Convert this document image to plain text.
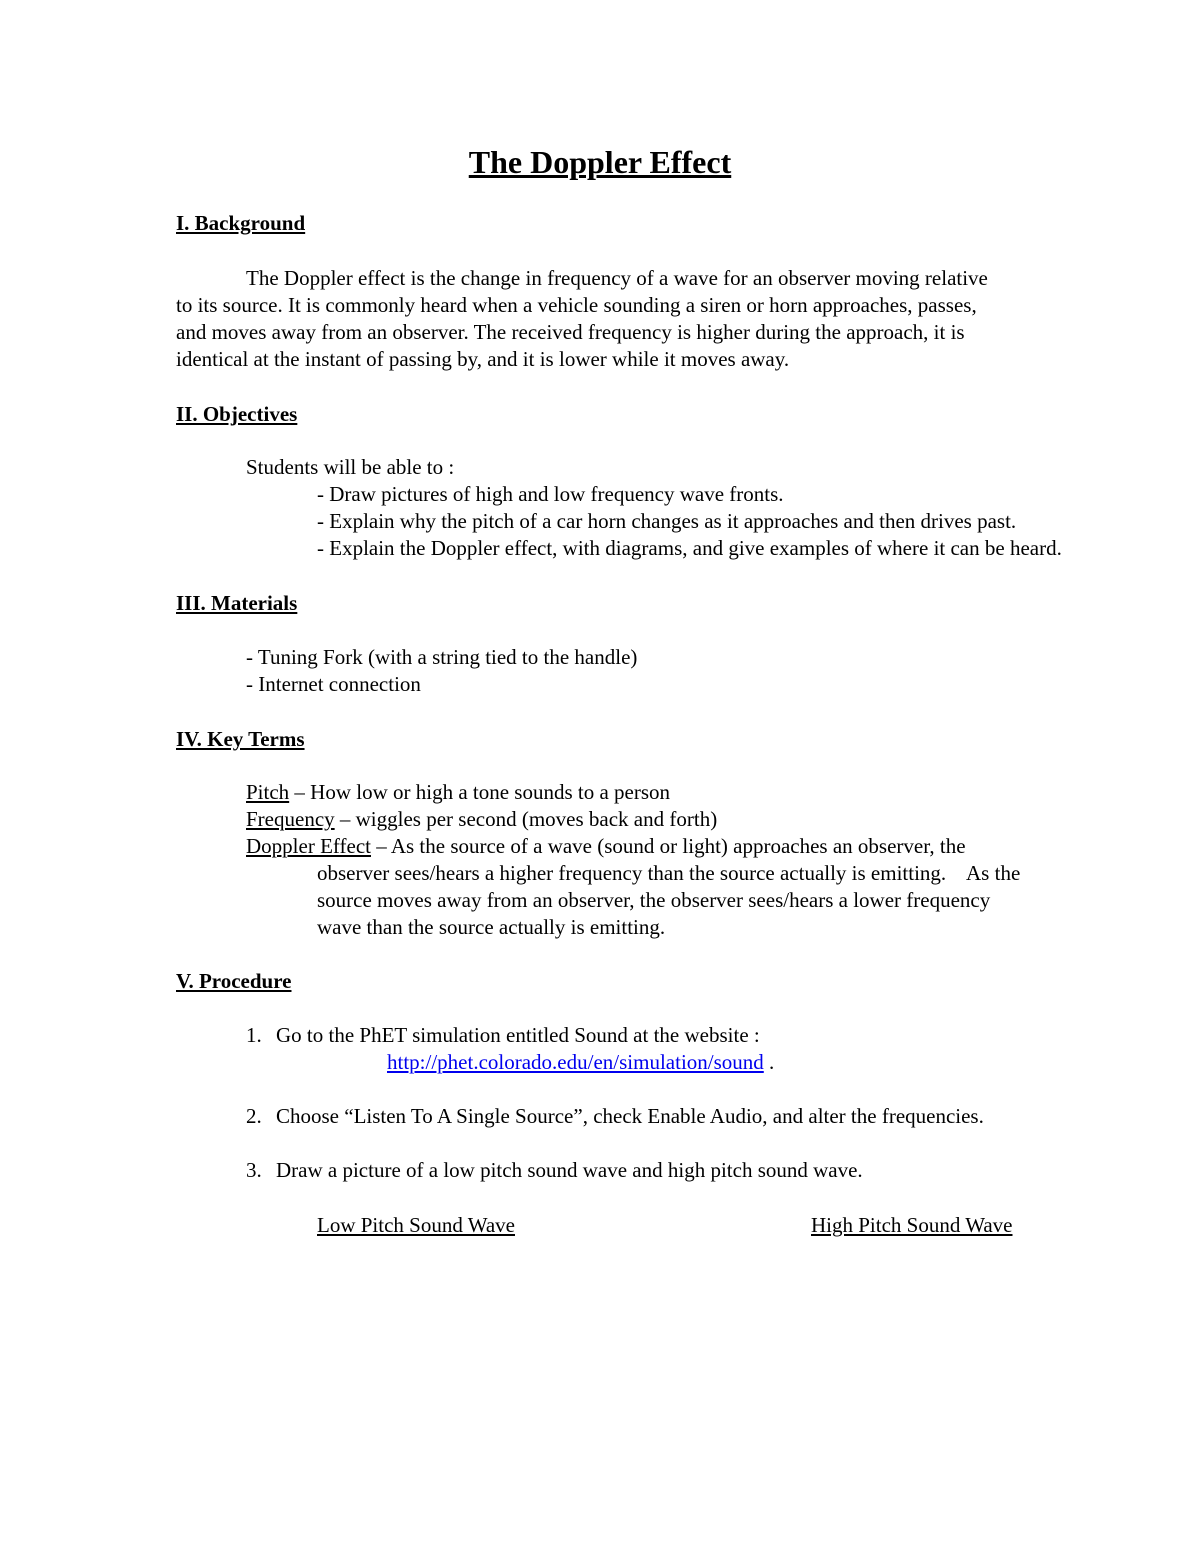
The Doppler Effect
I. Background
The Doppler effect is the change in frequency of a wave for an observer moving relative
to its source. It is commonly heard when a vehicle sounding a siren or horn approaches, passes,
and moves away from an observer. The received frequency is higher during the approach, it is
identical at the instant of passing by, and it is lower while it moves away.
II. Objectives
Students will be able to :
- Draw pictures of high and low frequency wave fronts.
- Explain why the pitch of a car horn changes as it approaches and then drives past.
- Explain the Doppler effect, with diagrams, and give examples of where it can be heard.
III. Materials
- Tuning Fork (with a string tied to the handle)
- Internet connection
IV. Key Terms
Pitch – How low or high a tone sounds to a person
Frequency – wiggles per second (moves back and forth)
Doppler Effect – As the source of a wave (sound or light) approaches an observer, the
observer sees/hears a higher frequency than the source actually is emitting.    As the
source moves away from an observer, the observer sees/hears a lower frequency
wave than the source actually is emitting.
V. Procedure
1. Go to the PhET simulation entitled Sound at the website :
http://phet.colorado.edu/en/simulation/sound .
2. Choose “Listen To A Single Source”, check Enable Audio, and alter the frequencies.
3. Draw a picture of a low pitch sound wave and high pitch sound wave.
Low Pitch Sound Wave	High Pitch Sound Wave
